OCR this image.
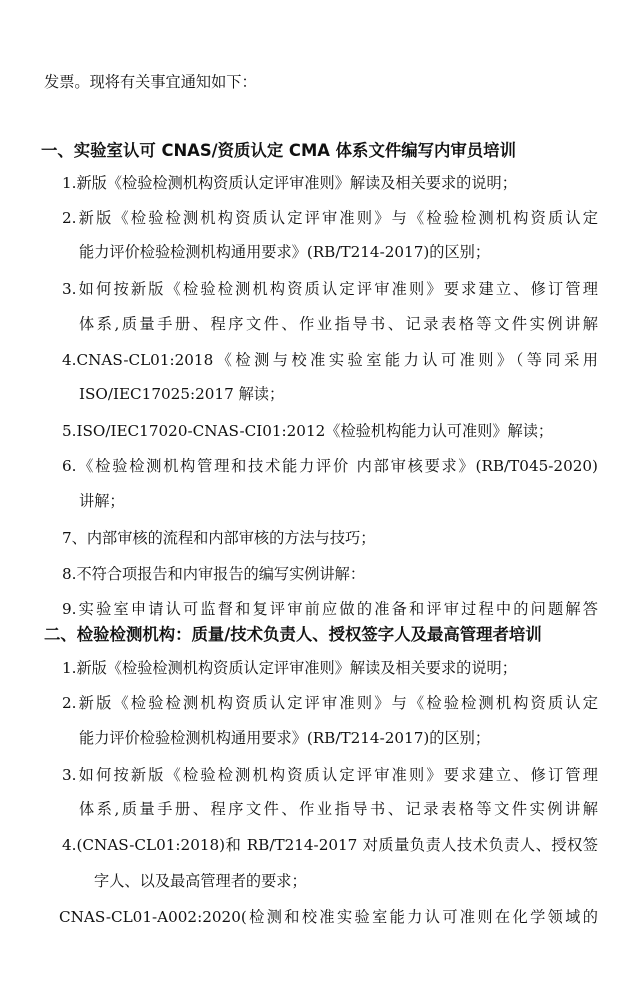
发票。现将有关事宜通知如下：
一、实验室认可 CNAS/资质认定 CMA 体系文件编写内审员培训
1.新版《检验检测机构资质认定评审准则》解读及相关要求的说明；
2.新版《检验检测机构资质认定评审准则》与《检验检测机构资质认定
能力评价检验检测机构通用要求》(RB/T214-2017)的区别；
3.如何按新版《检验检测机构资质认定评审准则》要求建立、修订管理
体系,质量手册、程序文件、作业指导书、记录表格等文件实例讲解
4.CNAS-CL01:2018《检测与校准实验室能力认可准则》（等同采用
ISO/IEC17025:2017 解读；
5.ISO/IEC17020-CNAS-CI01:2012《检验机构能力认可准则》解读；
6.《检验检测机构管理和技术能力评价 内部审核要求》(RB/T045-2020)
讲解；
7、内部审核的流程和内部审核的方法与技巧；
8.不符合项报告和内审报告的编写实例讲解：
9.实验室申请认可监督和复评审前应做的准备和评审过程中的问题解答
二、检验检测机构：质量/技术负责人、授权签字人及最高管理者培训
1.新版《检验检测机构资质认定评审准则》解读及相关要求的说明；
2.新版《检验检测机构资质认定评审准则》与《检验检测机构资质认定
能力评价检验检测机构通用要求》(RB/T214-2017)的区别；
3.如何按新版《检验检测机构资质认定评审准则》要求建立、修订管理
体系,质量手册、程序文件、作业指导书、记录表格等文件实例讲解
4.(CNAS-CL01:2018)和 RB/T214-2017 对质量负责人技术负责人、授权签
字人、以及最高管理者的要求；
CNAS-CL01-A002:2020(检测和校准实验室能力认可准则在化学领域的
